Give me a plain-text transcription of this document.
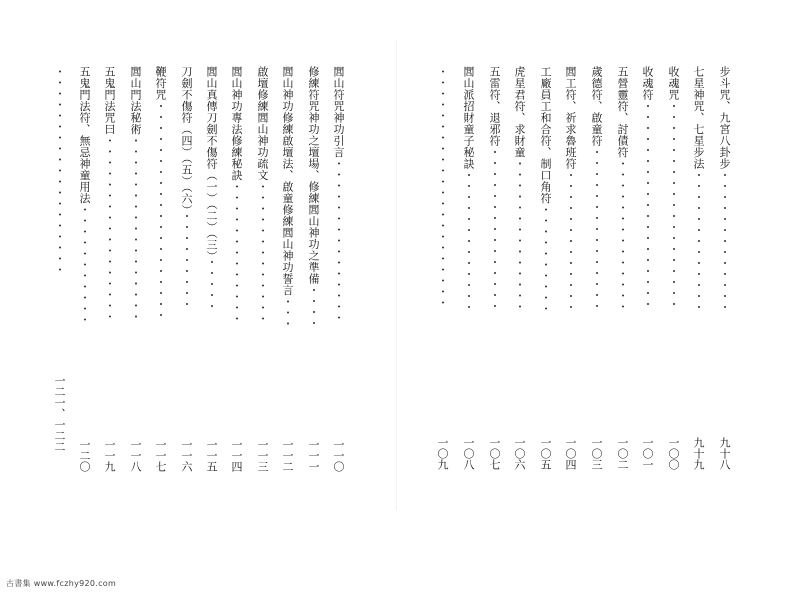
閭山符咒神功引言・・・・・・・・・・・・・・・
一一〇
修練符咒神功之壇場、修練閭山神功之準備・・・・
一一一
閭山神功修練啟壇法、啟童修練閭山神功誓言・・・
一一二
啟壇修練閭山神功疏文・・・・・・・・・・・・・
一一三
閭山神功專法修練秘訣・・・・・・・・・・・・・
一一四
閭山真傳刀劍不傷符（一）（二）（三）・・・・・
一一五
刀劍不傷符（四）（五）（六）・・・・・・・・・
一一六
鞭符咒・・・・・・・・・・・・・・・・・・・・
一一七
閭山門法秘術・・・・・・・・・・・・・・・・・
一一八
五鬼門法咒曰・・・・・・・・・・・・・・・・・
一一九
五鬼門法符、無忌神童用法・・・・・・・・・・・
一二〇
・・・・・・・・・・・・・・・・・・・
一二一、一二二
步斗咒、九宮八卦步・・・・・・・・・・・・・
九十八
七星神咒、七星步法・・・・・・・・・・・・・
九十九
收魂咒・・・・・・・・・・・・・・・・・・・
一〇〇
收魂符・・・・・・・・・・・・・・・・・・・
一〇一
五營靈符、討債符・・・・・・・・・・・・・・
一〇二
歲德符、啟童符・・・・・・・・・・・・・・・
一〇三
閭工符、祈求魯班符・・・・・・・・・・・・・
一〇四
工廠員工和合符、制口角符・・・・・・・・・・
一〇五
虎星君符、求財童・・・・・・・・・・・・・・
一〇六
五雷符、退邪符・・・・・・・・・・・・・・・
一〇七
閭山派招財童子秘訣・・・・・・・・・・・・・
一〇八
・・・・・・・・・・・・・・・・・・・・・・
一〇九
古書集 www.fczhy920.com
